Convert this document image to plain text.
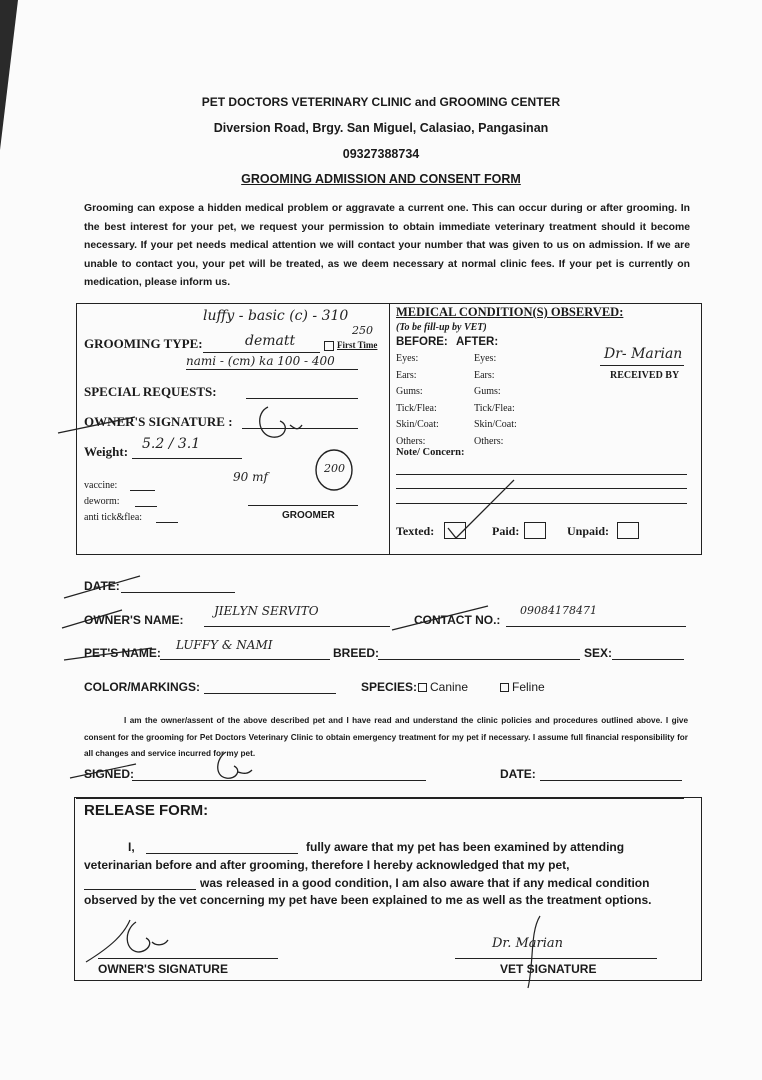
PET DOCTORS VETERINARY CLINIC and GROOMING CENTER
Diversion Road, Brgy. San Miguel, Calasiao, Pangasinan
09327388734
GROOMING ADMISSION AND CONSENT FORM
Grooming can expose a hidden medical problem or aggravate a current one. This can occur during or after grooming. In the best interest for your pet, we request your permission to obtain immediate veterinary treatment should it become necessary. If your pet needs medical attention we will contact your number that was given to us on admission. If we are unable to contact you, your pet will be treated, as we deem necessary at normal clinic fees. If your pet is currently on medication, please inform us.
GROOMING TYPE:
luffy - basic (c) - 310
dematt
250
First Time
nami - (cm) ka 100 - 400
SPECIAL REQUESTS:
OWNER'S SIGNATURE :
Weight: 5.2 / 3.1
90 mf
200
vaccine:
deworm:
anti tick&flea:	GROOMER
MEDICAL CONDITION(S) OBSERVED:
(To be fill-up by VET)
BEFORE: AFTER:
Eyes:	Eyes:
Ears:	Ears:
Gums:	Gums:
Tick/Flea:	Tick/Flea:
Skin/Coat:	Skin/Coat:
Others:	Others:
Dr- Marian
RECEIVED BY
Note/ Concern:
Texted:	Paid:	Unpaid:
DATE:
OWNER'S NAME:
JIELYN SERVITO
CONTACT NO.:
09084178471
PET'S NAME:
LUFFY & NAMI
BREED:	SEX:
COLOR/MARKINGS:	SPECIES:	Canine	Feline
I am the owner/assent of the above described pet and I have read and understand the clinic policies and procedures outlined above. I give consent for the grooming for Pet Doctors Veterinary Clinic to obtain emergency treatment for my pet if necessary. I assume full financial responsibility for all changes and service incurred for my pet.
SIGNED:	DATE:
RELEASE FORM:
I,	fully aware that my pet has been examined by attending
veterinarian before and after grooming, therefore I hereby acknowledged that my pet,
was released in a good condition, I am also aware that if any medical condition
observed by the vet concerning my pet have been explained to me as well as the treatment options.
OWNER'S SIGNATURE	VET SIGNATURE
Dr. Marian
